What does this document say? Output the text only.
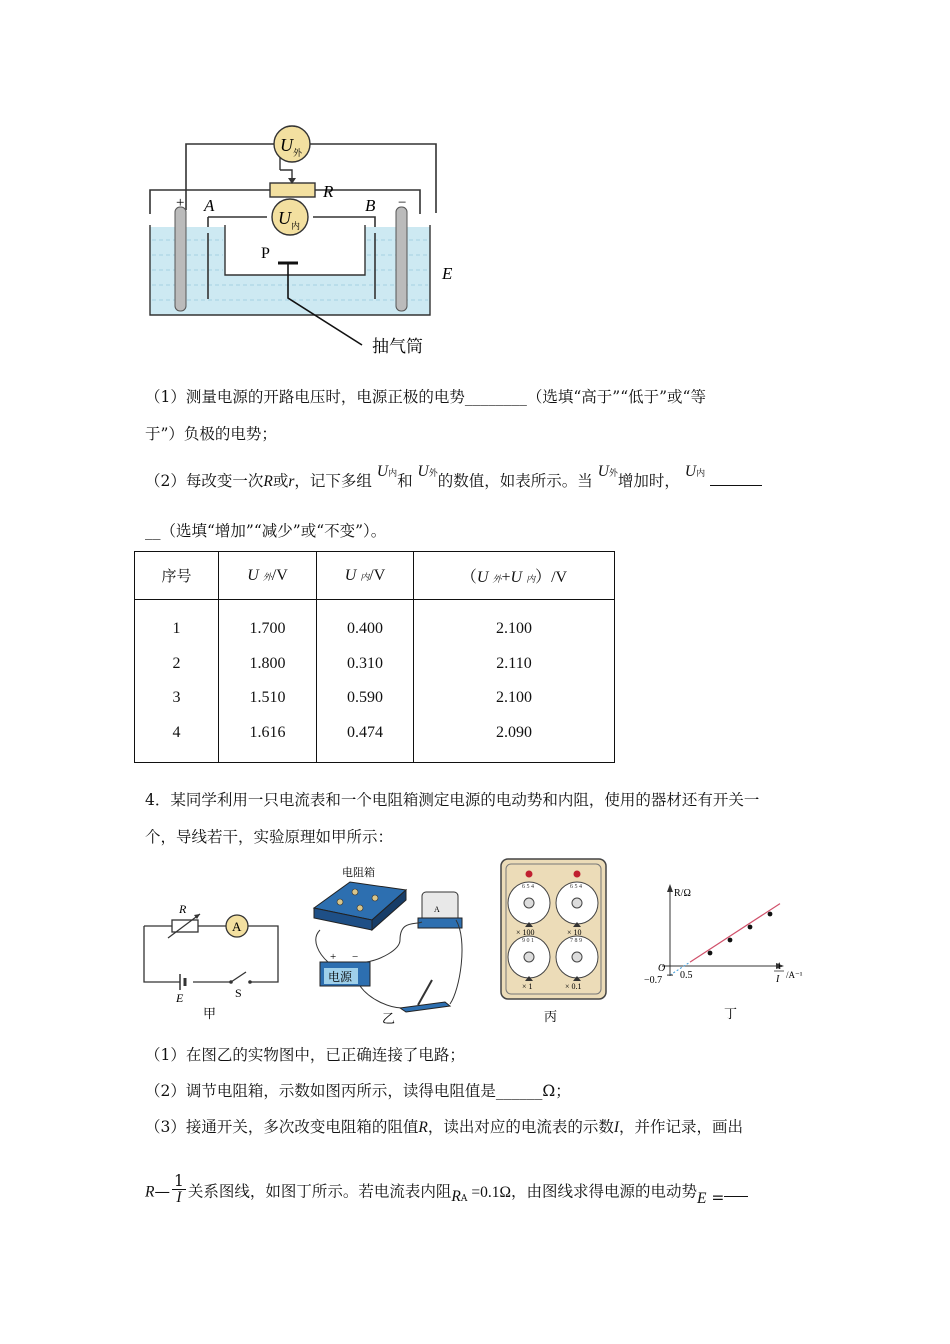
U 外
U 内
+	−
A	B
R
P
E
抽气筒
（1）测量电源的开路电压时，电源正极的电势________（选填“高于”“低于”或“等
于”）负极的电势；
（2）每改变一次R或r，记下多组 U内和 U外的数值，如表所示。当 U外增加时， U内
__（选填“增加”“减少”或“不变”）。
序号	U 外/V	U 内/V	（U 外+U 内）/V
1	1.700	0.400	2.100
2	1.800	0.310	2.110
3	1.510	0.590	2.100
4	1.616	0.474	2.090
4．某同学利用一只电流表和一个电阻箱测定电源的电动势和内阻，使用的器材还有开关一
个，导线若干，实验原理如甲所示：
A
R
E	S
甲
电阻箱
A
电源
+ −
乙
6 5 4	6 5 4
9 0 1	7 8 9
× 100	× 10
× 1	× 0.1
丙
R/Ω
O
−0.7 0.5
1
I /A⁻¹
丁
（1）在图乙的实物图中，已正确连接了电路；
（2）调节电阻箱，示数如图丙所示，读得电阻值是______Ω；
（3）接通开关，多次改变电阻箱的阻值R，读出对应的电流表的示数I，并作记录，画出
R— $\frac{1}{I}$ 关系图线，如图丁所示。若电流表内阻RA =0.1Ω，由图线求得电源的电动势E =
